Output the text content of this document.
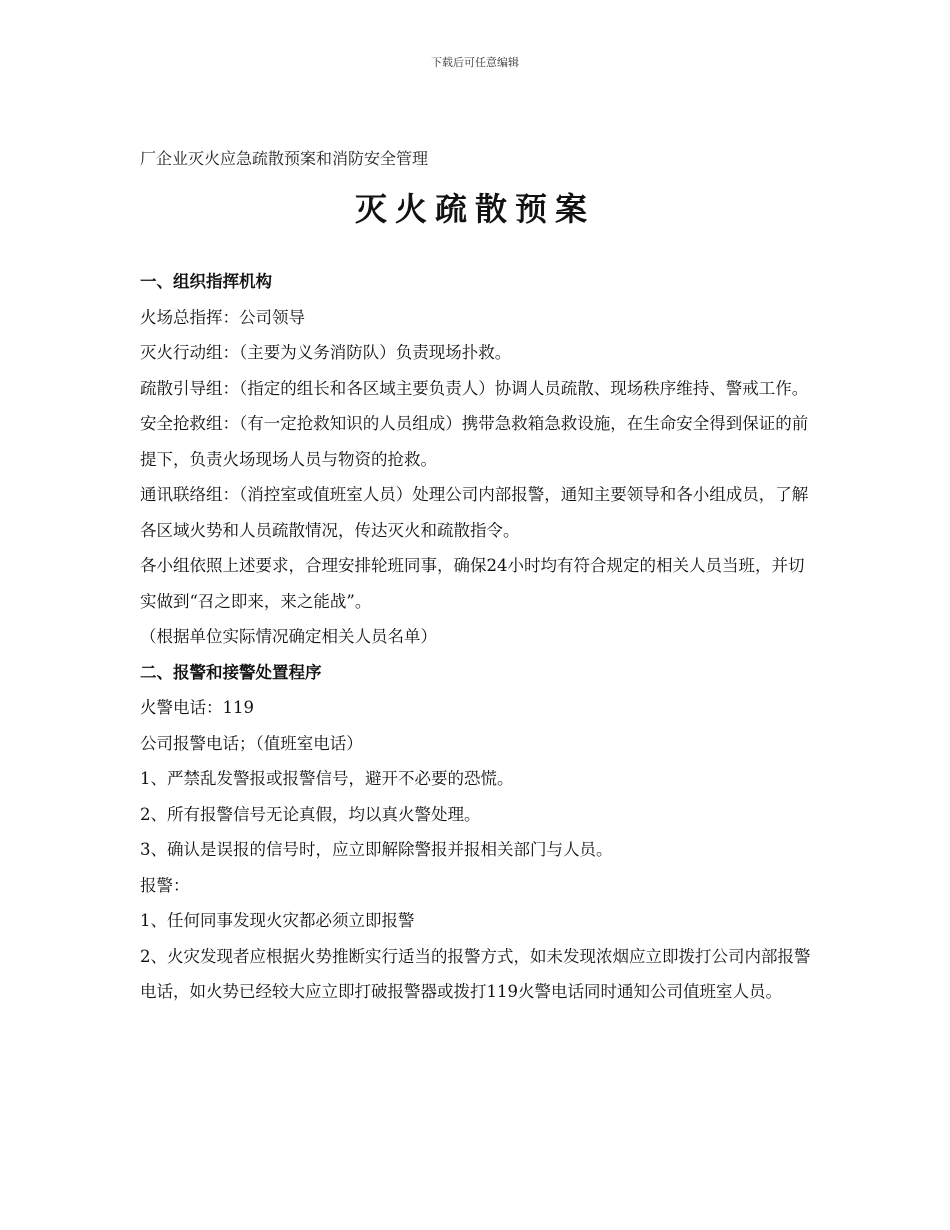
下载后可任意编辑
厂企业灭火应急疏散预案和消防安全管理
灭火疏散预案

一、组织指挥机构

火场总指挥：公司领导

灭火行动组：（主要为义务消防队）负责现场扑救。

疏散引导组：（指定的组长和各区域主要负责人）协调人员疏散、现场秩序维持、警戒工作。

安全抢救组：（有一定抢救知识的人员组成）携带急救箱急救设施，在生命安全得到保证的前提下，负责火场现场人员与物资的抢救。

通讯联络组：（消控室或值班室人员）处理公司内部报警，通知主要领导和各小组成员，了解各区域火势和人员疏散情况，传达灭火和疏散指令。

各小组依照上述要求，合理安排轮班同事，确保24小时均有符合规定的相关人员当班，并切实做到“召之即来，来之能战”。

（根据单位实际情况确定相关人员名单）

二、报警和接警处置程序

火警电话：119

公司报警电话；（值班室电话）

1、严禁乱发警报或报警信号，避开不必要的恐慌。

2、所有报警信号无论真假，均以真火警处理。

3、确认是误报的信号时，应立即解除警报并报相关部门与人员。

报警：

1、任何同事发现火灾都必须立即报警

2、火灾发现者应根据火势推断实行适当的报警方式，如未发现浓烟应立即拨打公司内部报警电话，如火势已经较大应立即打破报警器或拨打119火警电话同时通知公司值班室人员。
